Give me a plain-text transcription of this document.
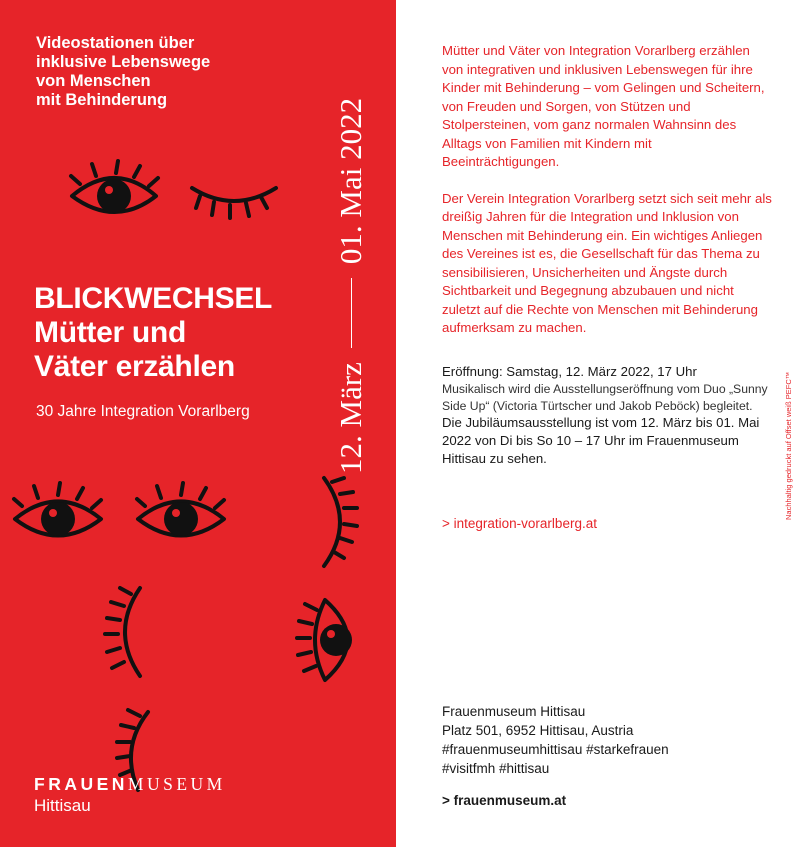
Videostationen über
inklusive Lebenswege
von Menschen
mit Behinderung
BLICKWECHSEL
Mütter und
Väter erzählen
30 Jahre Integration Vorarlberg	12. März
01. Mai 2022
FRAUENMUSEUM
Hittisau

Mütter und Väter von Integration Vorarlberg erzählen von integrativen und inklusiven Lebenswegen für ihre Kinder mit Behinderung – vom Gelingen und Scheitern, von Freuden und Sorgen, von Stützen und Stolpersteinen, vom ganz normalen Wahnsinn des Alltags von Familien mit Kindern mit Beeinträchtigungen.

Der Verein Integration Vorarlberg setzt sich seit mehr als dreißig Jahren für die Integration und Inklusion von Menschen mit Behinderung ein. Ein wichtiges Anliegen des Vereines ist es, die Gesellschaft für das Thema zu sensibilisieren, Unsicherheiten und Ängste durch Sichtbarkeit und Begegnung abzubauen und nicht zuletzt auf die Rechte von Menschen mit Behinderung aufmerksam zu machen.

Eröffnung: Samstag, 12. März 2022, 17 Uhr
Musikalisch wird die Ausstellungseröffnung vom Duo „Sunny Side Up“ (Victoria Türtscher und Jakob Peböck) begleitet.
Die Jubiläumsausstellung ist vom 12. März bis 01. Mai 2022 von Di bis So 10 – 17 Uhr im Frauenmuseum Hittisau zu sehen.
> integration-vorarlberg.at
Frauenmuseum Hittisau
Platz 501, 6952 Hittisau, Austria
#frauenmuseumhittisau #starkefrauen
#visitfmh #hittisau
> frauenmuseum.at
Nachhaltig gedruckt auf Offset weiß PEFC™
